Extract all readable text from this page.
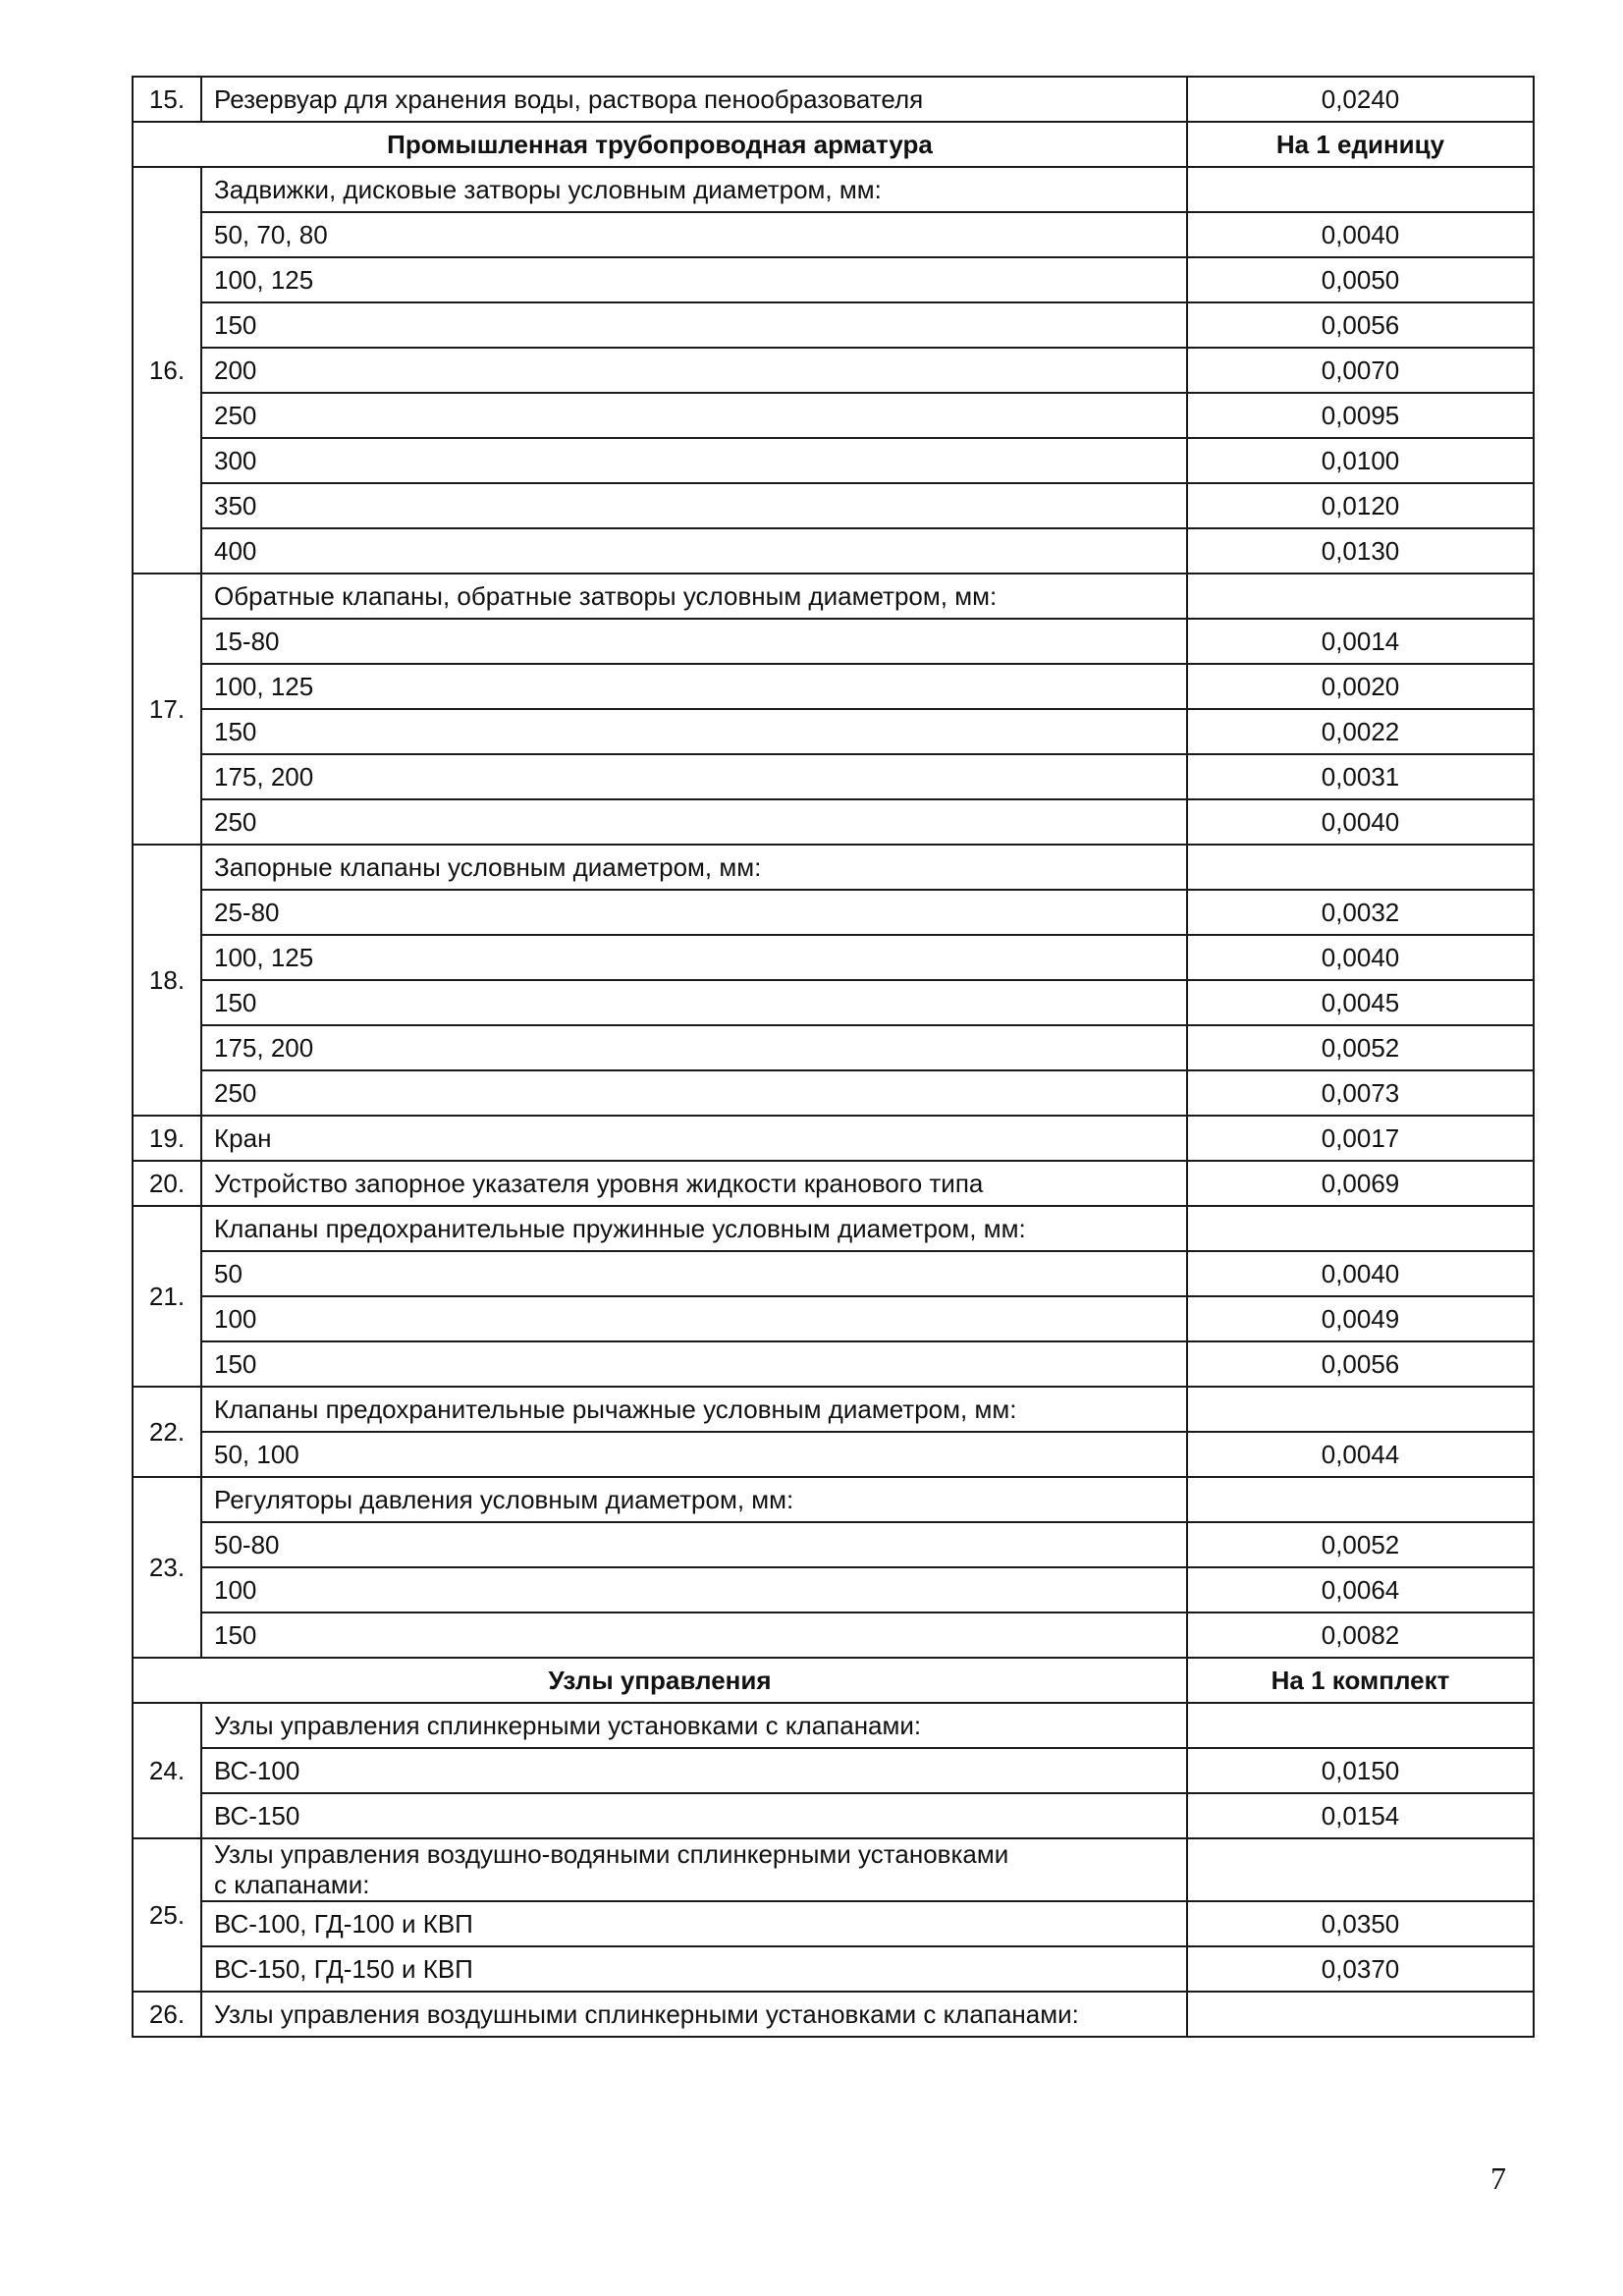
15.	Резервуар для хранения воды, раствора пенообразователя	0,0240
Промышленная трубопроводная арматура		На 1 единицу
16.	Задвижки, дисковые затворы условным диаметром, мм:	
	50, 70, 80	0,0040
	100, 125	0,0050
	150	0,0056
	200	0,0070
	250	0,0095
	300	0,0100
	350	0,0120
	400	0,0130
17.	Обратные клапаны, обратные затворы условным диаметром, мм:	
	15-80	0,0014
	100, 125	0,0020
	150	0,0022
	175, 200	0,0031
	250	0,0040
18.	Запорные клапаны условным диаметром, мм:	
	25-80	0,0032
	100, 125	0,0040
	150	0,0045
	175, 200	0,0052
	250	0,0073
19.	Кран	0,0017
20.	Устройство запорное указателя уровня жидкости кранового типа	0,0069
21.	Клапаны предохранительные пружинные условным диаметром, мм:	
	50	0,0040
	100	0,0049
	150	0,0056
22.	Клапаны предохранительные рычажные условным диаметром, мм:	
	50, 100	0,0044
23.	Регуляторы давления условным диаметром, мм:	
	50-80	0,0052
	100	0,0064
	150	0,0082
Узлы управления		На 1 комплект
24.	Узлы управления сплинкерными установками с клапанами:	
	ВС-100	0,0150
	ВС-150	0,0154
25.	Узлы управления воздушно-водяными сплинкерными установками
с клапанами:	
	ВС-100, ГД-100 и КВП	0,0350
	ВС-150, ГД-150 и КВП	0,0370
26.	Узлы управления воздушными сплинкерными установками с клапанами:	
7
